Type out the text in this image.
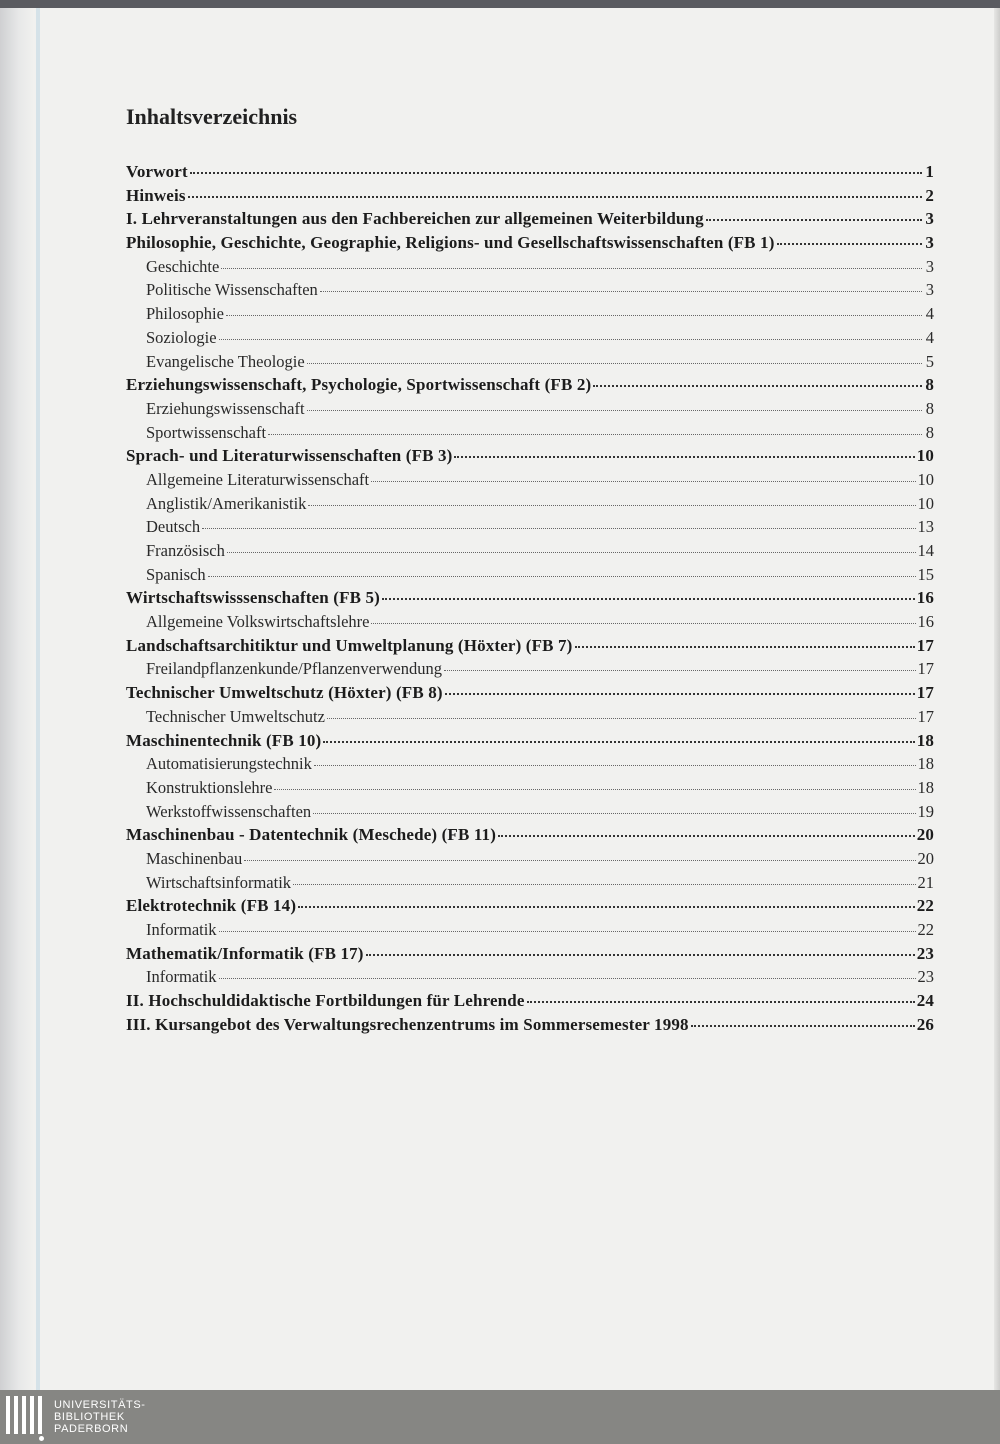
Inhaltsverzeichnis
Vorwort	1
Hinweis	2
I. Lehrveranstaltungen aus den Fachbereichen zur allgemeinen Weiterbildung	3
Philosophie, Geschichte, Geographie, Religions- und Gesellschaftswissenschaften (FB 1)	3
Geschichte	3
Politische Wissenschaften	3
Philosophie	4
Soziologie	4
Evangelische Theologie	5
Erziehungswissenschaft, Psychologie, Sportwissenschaft (FB 2)	8
Erziehungswissenschaft	8
Sportwissenschaft	8
Sprach- und Literaturwissenschaften (FB 3)	10
Allgemeine Literaturwissenschaft	10
Anglistik/Amerikanistik	10
Deutsch	13
Französisch	14
Spanisch	15
Wirtschaftswisssenschaften (FB 5)	16
Allgemeine Volkswirtschaftslehre	16
Landschaftsarchitiktur und Umweltplanung (Höxter) (FB 7)	17
Freilandpflanzenkunde/Pflanzenverwendung	17
Technischer Umweltschutz (Höxter) (FB 8)	17
Technischer Umweltschutz	17
Maschinentechnik (FB 10)	18
Automatisierungstechnik	18
Konstruktionslehre	18
Werkstoffwissenschaften	19
Maschinenbau - Datentechnik (Meschede) (FB 11)	20
Maschinenbau	20
Wirtschaftsinformatik	21
Elektrotechnik (FB 14)	22
Informatik	22
Mathematik/Informatik (FB 17)	23
Informatik	23
II. Hochschuldidaktische Fortbildungen für Lehrende	24
III. Kursangebot des Verwaltungsrechenzentrums im Sommersemester 1998	26
UNIVERSITÄTS-
BIBLIOTHEK
PADERBORN
